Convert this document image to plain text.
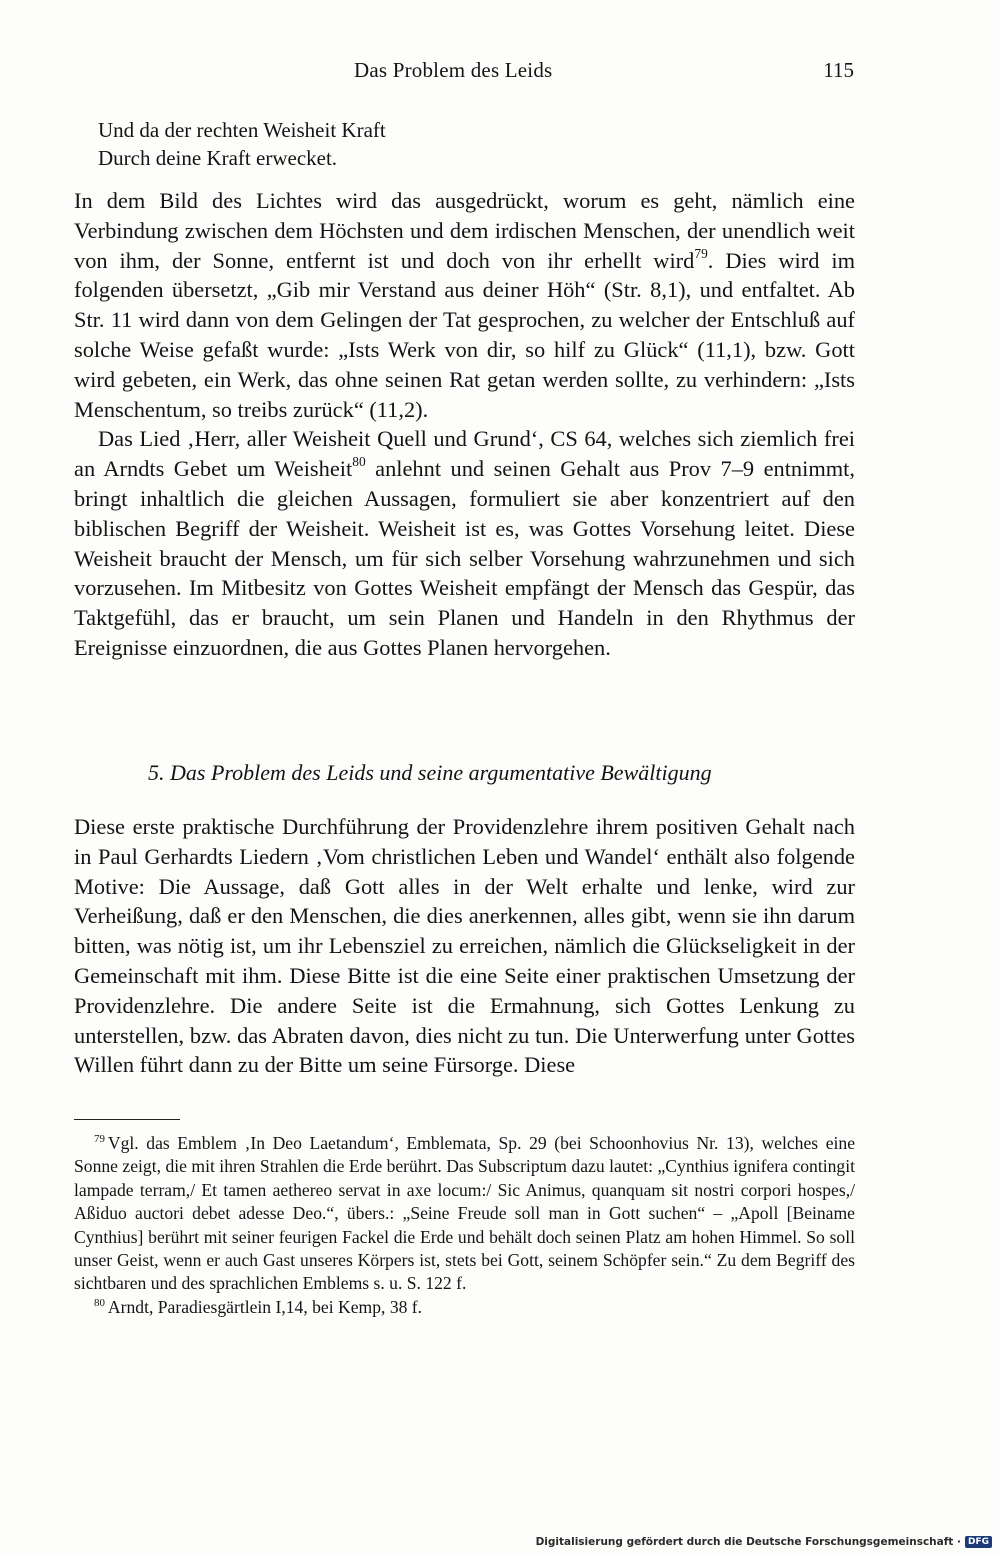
Das Problem des Leids	115
Und da der rechten Weisheit Kraft
Durch deine Kraft erwecket.

In dem Bild des Lichtes wird das ausgedrückt, worum es geht, nämlich eine Verbindung zwischen dem Höchsten und dem irdischen Menschen, der unendlich weit von ihm, der Sonne, entfernt ist und doch von ihr erhellt wird$^{79}$. Dies wird im folgenden übersetzt, „Gib mir Verstand aus deiner Höh“ (Str. 8,1), und entfaltet. Ab Str. 11 wird dann von dem Gelingen der Tat gesprochen, zu welcher der Entschluß auf solche Weise gefaßt wurde: „Ists Werk von dir, so hilf zu Glück“ (11,1), bzw. Gott wird gebeten, ein Werk, das ohne seinen Rat getan werden sollte, zu verhindern: „Ists Menschentum, so treibs zurück“ (11,2).

Das Lied ‚Herr, aller Weisheit Quell und Grund‘, CS 64, welches sich ziemlich frei an Arndts Gebet um Weisheit$^{80}$ anlehnt und seinen Gehalt aus Prov 7–9 entnimmt, bringt inhaltlich die gleichen Aussagen, formuliert sie aber konzentriert auf den biblischen Begriff der Weisheit. Weisheit ist es, was Gottes Vorsehung leitet. Diese Weisheit braucht der Mensch, um für sich selber Vorsehung wahrzunehmen und sich vorzusehen. Im Mitbesitz von Gottes Weisheit empfängt der Mensch das Gespür, das Taktgefühl, das er braucht, um sein Planen und Handeln in den Rhythmus der Ereignisse einzuordnen, die aus Gottes Planen hervorgehen.

5. Das Problem des Leids und seine argumentative Bewältigung

Diese erste praktische Durchführung der Providenzlehre ihrem positiven Gehalt nach in Paul Gerhardts Liedern ‚Vom christlichen Leben und Wandel‘ enthält also folgende Motive: Die Aussage, daß Gott alles in der Welt erhalte und lenke, wird zur Verheißung, daß er den Menschen, die dies anerkennen, alles gibt, wenn sie ihn darum bitten, was nötig ist, um ihr Lebensziel zu erreichen, nämlich die Glückseligkeit in der Gemeinschaft mit ihm. Diese Bitte ist die eine Seite einer praktischen Umsetzung der Providenzlehre. Die andere Seite ist die Ermahnung, sich Gottes Lenkung zu unterstellen, bzw. das Abraten davon, dies nicht zu tun. Die Unterwerfung unter Gottes Willen führt dann zu der Bitte um seine Fürsorge. Diese

$^{79}$ Vgl. das Emblem ‚In Deo Laetandum‘, Emblemata, Sp. 29 (bei Schoonhovius Nr. 13), welches eine Sonne zeigt, die mit ihren Strahlen die Erde berührt. Das Subscriptum dazu lautet: „Cynthius ignifera contingit lampade terram,/ Et tamen aethereo servat in axe locum:/ Sic Animus, quanquam sit nostri corpori hospes,/ Aßiduo auctori debet adesse Deo.“, übers.: „Seine Freude soll man in Gott suchen“ – „Apoll [Beiname Cynthius] berührt mit seiner feurigen Fackel die Erde und behält doch seinen Platz am hohen Himmel. So soll unser Geist, wenn er auch Gast unseres Körpers ist, stets bei Gott, seinem Schöpfer sein.“ Zu dem Begriff des sichtbaren und des sprachlichen Emblems s. u. S. 122 f.

$^{80}$ Arndt, Paradiesgärtlein I,14, bei Kemp, 38 f.

Digitalisierung gefördert durch die Deutsche Forschungsgemeinschaft · DFG
